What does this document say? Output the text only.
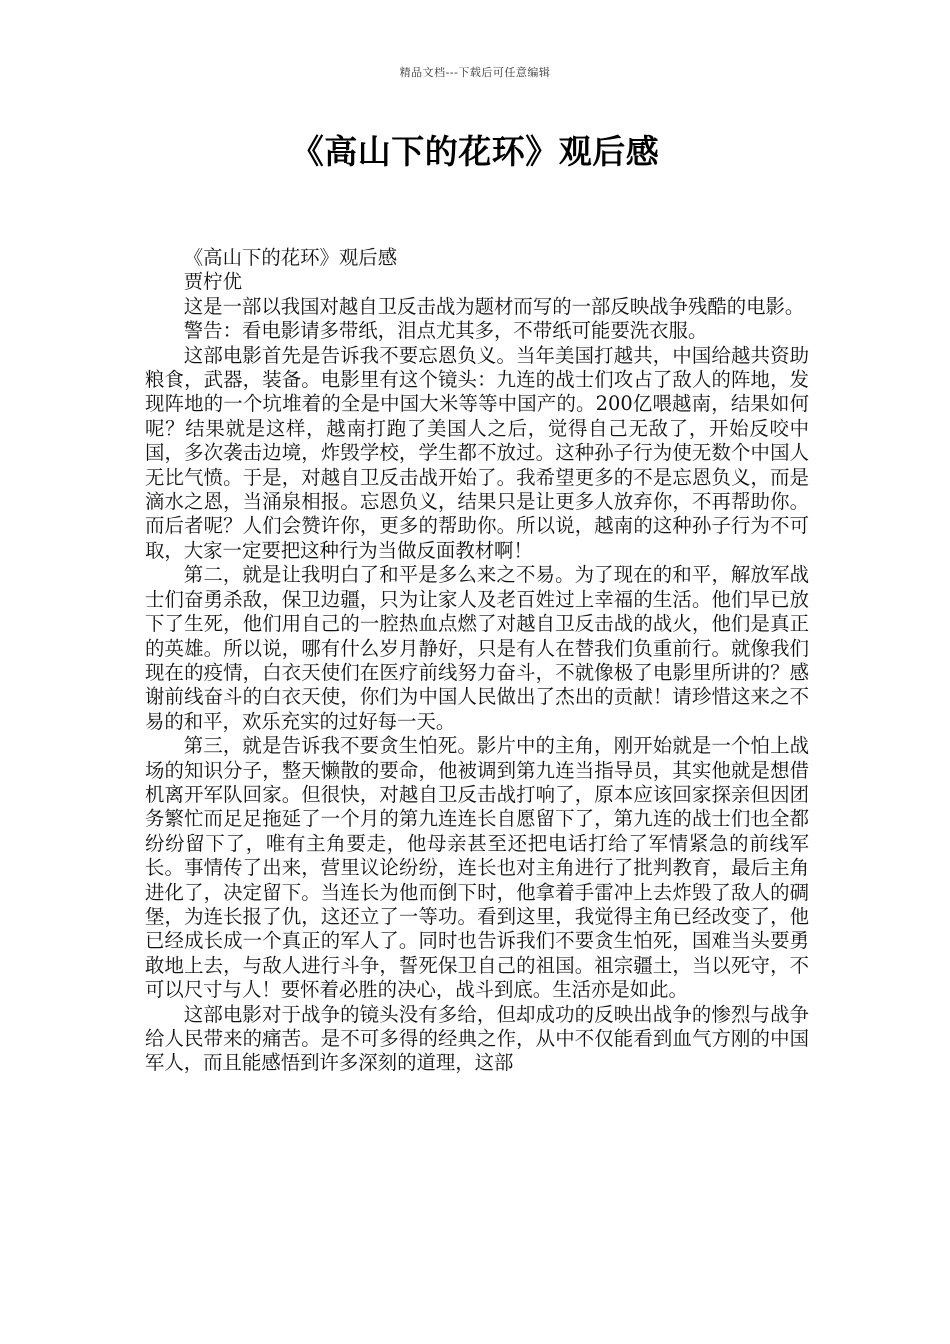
精品文档---下载后可任意编辑
《高山下的花环》观后感

《高山下的花环》观后感

贾柠优

这是一部以我国对越自卫反击战为题材而写的一部反映战争残酷的电影。

警告：看电影请多带纸，泪点尤其多，不带纸可能要洗衣服。

这部电影首先是告诉我不要忘恩负义。当年美国打越共，中国给越共资助粮食，武器，装备。电影里有这个镜头：九连的战士们攻占了敌人的阵地，发现阵地的一个坑堆着的全是中国大米等等中国产的。200亿喂越南，结果如何呢？结果就是这样，越南打跑了美国人之后，觉得自己无敌了，开始反咬中国，多次袭击边境，炸毁学校，学生都不放过。这种孙子行为使无数个中国人无比气愤。于是，对越自卫反击战开始了。我希望更多的不是忘恩负义，而是滴水之恩，当涌泉相报。忘恩负义，结果只是让更多人放弃你，不再帮助你。而后者呢？人们会赞许你，更多的帮助你。所以说，越南的这种孙子行为不可取，大家一定要把这种行为当做反面教材啊！

第二，就是让我明白了和平是多么来之不易。为了现在的和平，解放军战士们奋勇杀敌，保卫边疆，只为让家人及老百姓过上幸福的生活。他们早已放下了生死，他们用自己的一腔热血点燃了对越自卫反击战的战火，他们是真正的英雄。所以说，哪有什么岁月静好，只是有人在替我们负重前行。就像我们现在的疫情，白衣天使们在医疗前线努力奋斗，不就像极了电影里所讲的？感谢前线奋斗的白衣天使，你们为中国人民做出了杰出的贡献！请珍惜这来之不易的和平，欢乐充实的过好每一天。

第三，就是告诉我不要贪生怕死。影片中的主角，刚开始就是一个怕上战场的知识分子，整天懒散的要命，他被调到第九连当指导员，其实他就是想借机离开军队回家。但很快，对越自卫反击战打响了，原本应该回家探亲但因团务繁忙而足足拖延了一个月的第九连连长自愿留下了，第九连的战士们也全都纷纷留下了，唯有主角要走，他母亲甚至还把电话打给了军情紧急的前线军长。事情传了出来，营里议论纷纷，连长也对主角进行了批判教育，最后主角进化了，决定留下。当连长为他而倒下时，他拿着手雷冲上去炸毁了敌人的碉堡，为连长报了仇，这还立了一等功。看到这里，我觉得主角已经改变了，他已经成长成一个真正的军人了。同时也告诉我们不要贪生怕死，国难当头要勇敢地上去，与敌人进行斗争，誓死保卫自己的祖国。祖宗疆土，当以死守，不可以尺寸与人！要怀着必胜的决心，战斗到底。生活亦是如此。

这部电影对于战争的镜头没有多给，但却成功的反映出战争的惨烈与战争给人民带来的痛苦。是不可多得的经典之作，从中不仅能看到血气方刚的中国军人，而且能感悟到许多深刻的道理，这部
